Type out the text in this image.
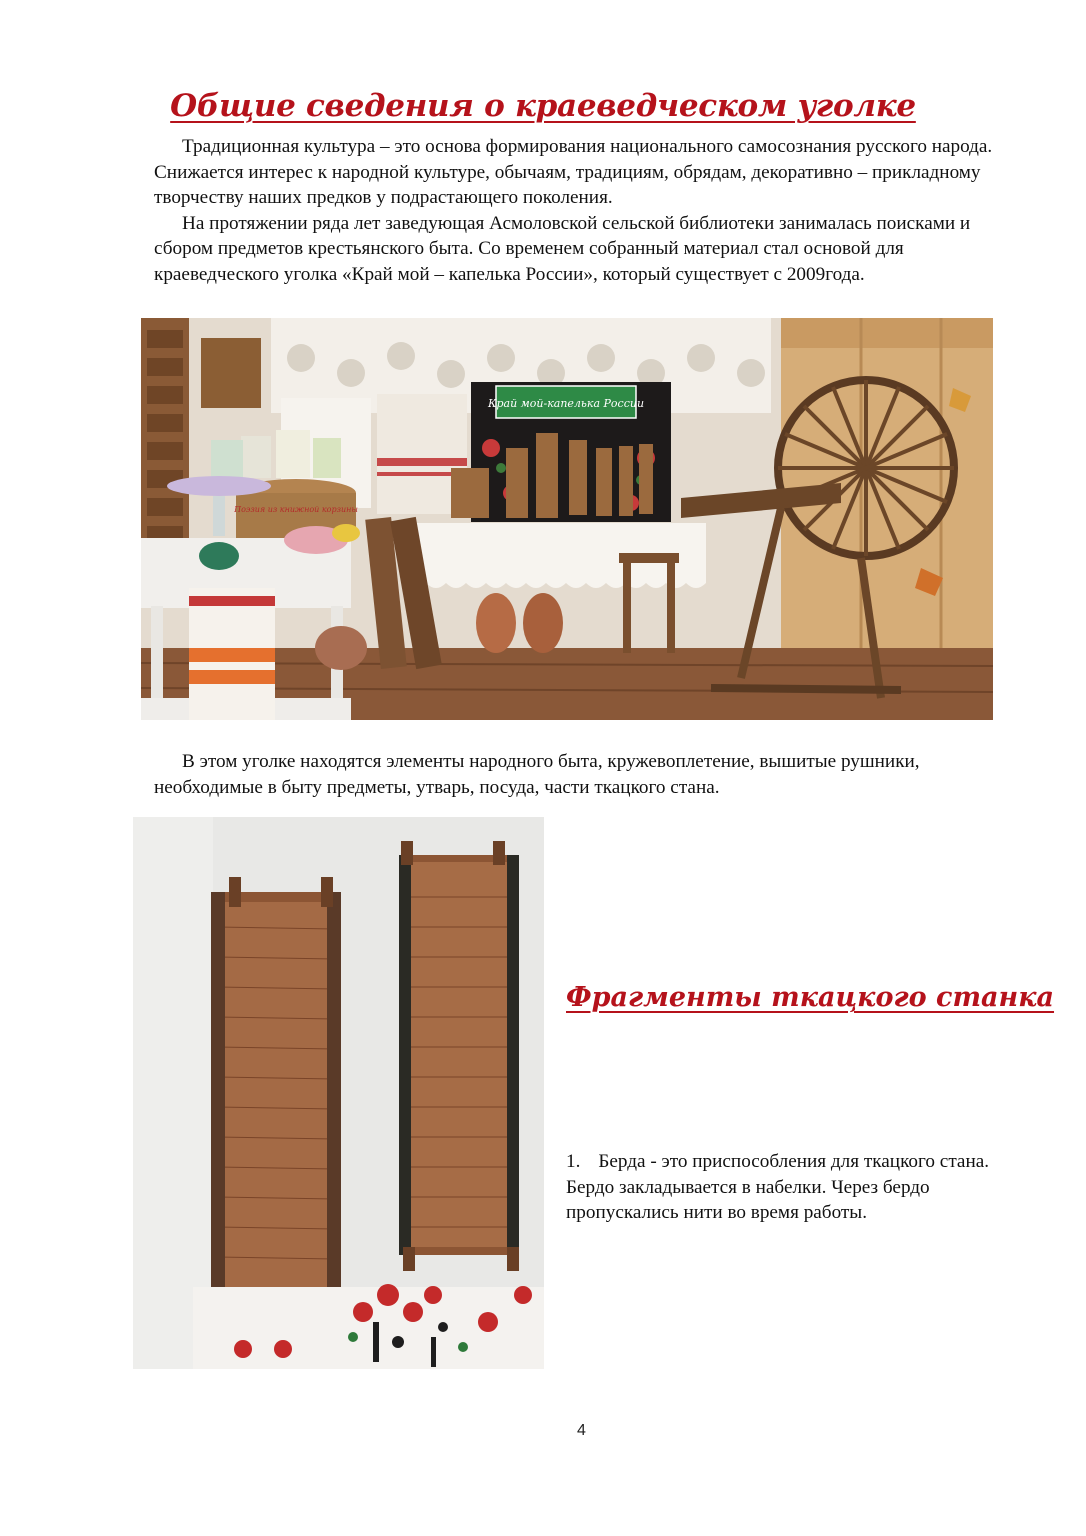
Общие сведения о краеведческом уголке

Традиционная культура – это основа формирования национального самосознания русского народа. Снижается интерес к народной культуре, обычаям, традициям, обрядам, декоративно – прикладному творчеству наших предков у подрастающего поколения.

На протяжении ряда лет заведующая Асмоловской сельской библиотеки занималась поисками и сбором предметов крестьянского быта. Со временем собранный материал стал основой для краеведческого уголка «Край мой – капелька России», который существует с 2009года.

Край мой-капелька России
Поэзия из книжной корзины

В этом уголке находятся элементы народного быта, кружевоплетение, вышитые рушники, необходимые в быту предметы, утварь, посуда, части ткацкого стана.

Фрагменты ткацкого станка

1. Берда - это приспособления для ткацкого стана. Бердо закладывается в набелки. Через бердо пропускались нити во время работы.

4
